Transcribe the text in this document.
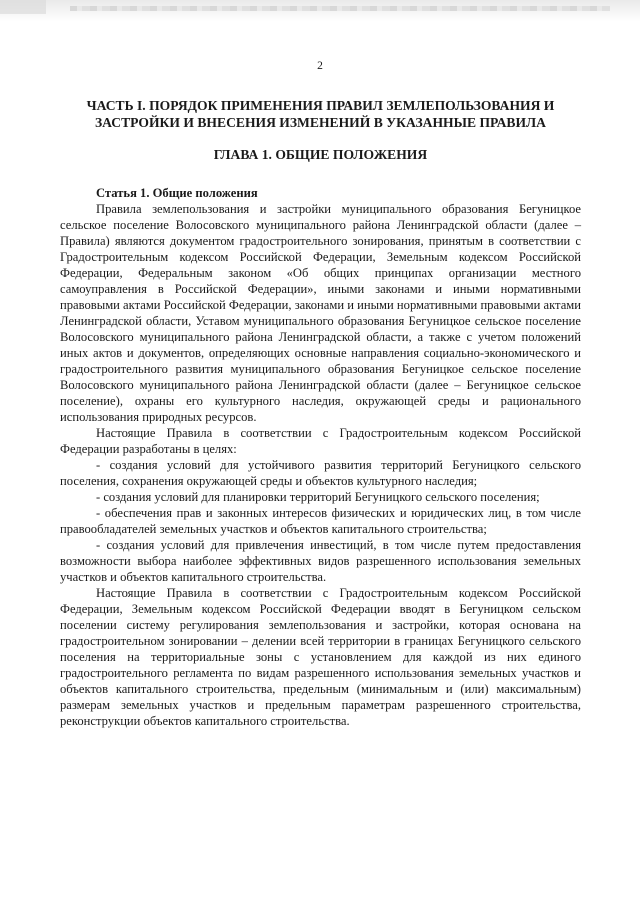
2
ЧАСТЬ I. ПОРЯДОК ПРИМЕНЕНИЯ ПРАВИЛ ЗЕМЛЕПОЛЬЗОВАНИЯ И ЗАСТРОЙКИ И ВНЕСЕНИЯ ИЗМЕНЕНИЙ В УКАЗАННЫЕ ПРАВИЛА
ГЛАВА 1. ОБЩИЕ ПОЛОЖЕНИЯ
Статья 1. Общие положения

Правила землепользования и застройки муниципального образования Бегуницкое сельское поселение Волосовского муниципального района Ленинградской области (далее – Правила) являются документом градостроительного зонирования, принятым в соответствии с Градостроительным кодексом Российской Федерации, Земельным кодексом Российской Федерации, Федеральным законом «Об общих принципах организации местного самоуправления в Российской Федерации», иными законами и иными нормативными правовыми актами Российской Федерации, законами и иными нормативными правовыми актами Ленинградской области, Уставом муниципального образования Бегуницкое сельское поселение Волосовского муниципального района Ленинградской области, а также с учетом положений иных актов и документов, определяющих основные направления социально-экономического и градостроительного развития муниципального образования Бегуницкое сельское поселение Волосовского муниципального района Ленинградской области (далее – Бегуницкое сельское поселение), охраны его культурного наследия, окружающей среды и рационального использования природных ресурсов.

Настоящие Правила в соответствии с Градостроительным кодексом Российской Федерации разработаны в целях:

- создания условий для устойчивого развития территорий Бегуницкого сельского поселения, сохранения окружающей среды и объектов культурного наследия;

- создания условий для планировки территорий Бегуницкого сельского поселения;

- обеспечения прав и законных интересов физических и юридических лиц, в том числе правообладателей земельных участков и объектов капитального строительства;

- создания условий для привлечения инвестиций, в том числе путем предоставления возможности выбора наиболее эффективных видов разрешенного использования земельных участков и объектов капитального строительства.

Настоящие Правила в соответствии с Градостроительным кодексом Российской Федерации, Земельным кодексом Российской Федерации вводят в Бегуницком сельском поселении систему регулирования землепользования и застройки, которая основана на градостроительном зонировании – делении всей территории в границах Бегуницкого сельского поселения на территориальные зоны с установлением для каждой из них единого градостроительного регламента по видам разрешенного использования земельных участков и объектов капитального строительства, предельным (минимальным и (или) максимальным) размерам земельных участков и предельным параметрам разрешенного строительства, реконструкции объектов капитального строительства.
